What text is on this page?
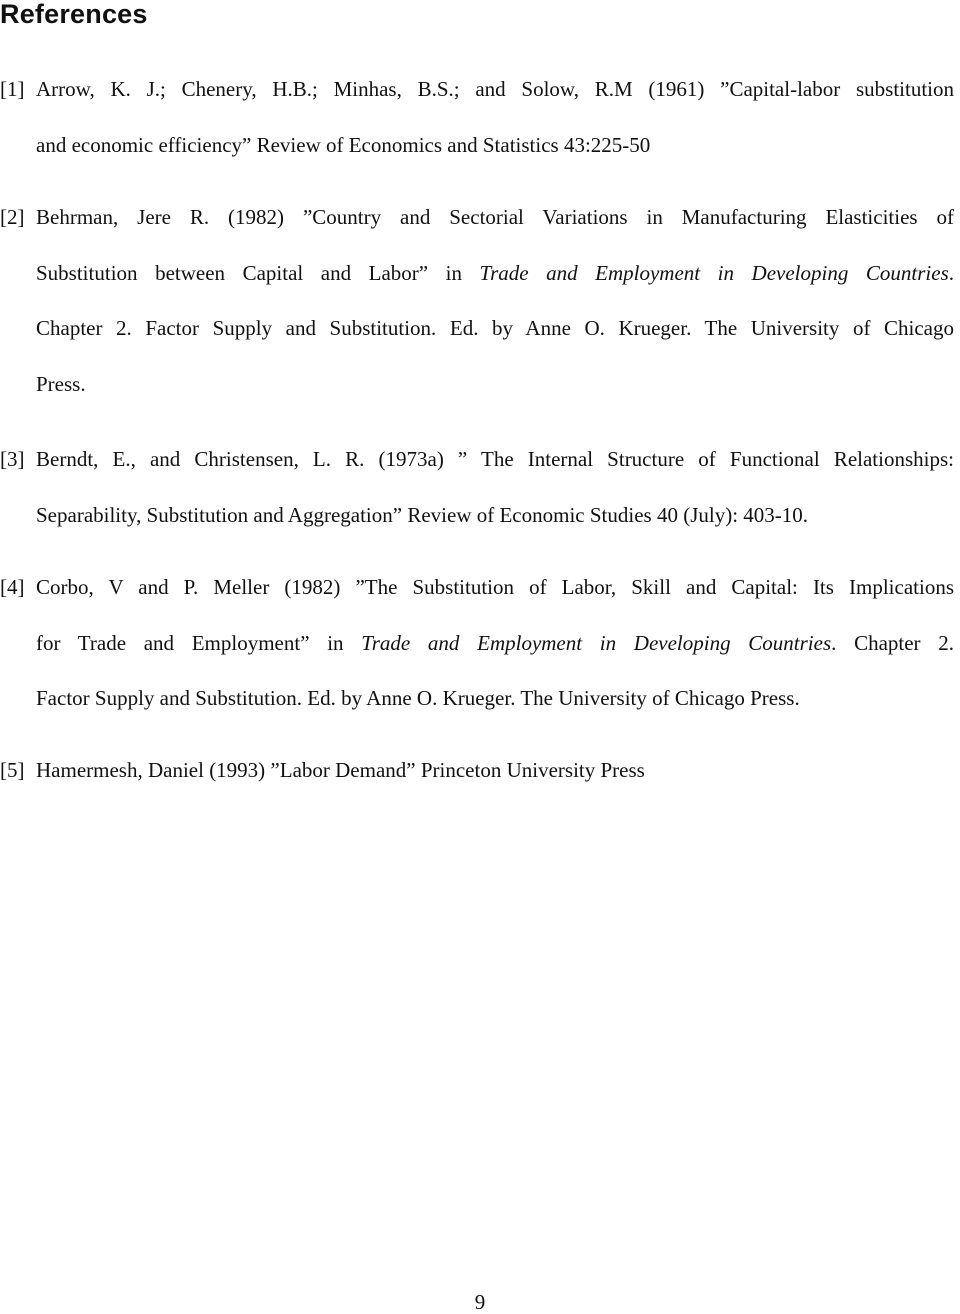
References
[1] Arrow, K. J.; Chenery, H.B.; Minhas, B.S.; and Solow, R.M (1961) ”Capital-labor substitution
and economic efficiency” Review of Economics and Statistics 43:225-50
[2] Behrman, Jere R. (1982) ”Country and Sectorial Variations in Manufacturing Elasticities of
Substitution between Capital and Labor” in Trade and Employment in Developing Countries.
Chapter 2. Factor Supply and Substitution. Ed. by Anne O. Krueger. The University of Chicago
Press.
[3] Berndt, E., and Christensen, L. R. (1973a) ” The Internal Structure of Functional Relationships:
Separability, Substitution and Aggregation” Review of Economic Studies 40 (July): 403-10.
[4] Corbo, V and P. Meller (1982) ”The Substitution of Labor, Skill and Capital: Its Implications
for Trade and Employment” in Trade and Employment in Developing Countries. Chapter 2.
Factor Supply and Substitution. Ed. by Anne O. Krueger. The University of Chicago Press.
[5] Hamermesh, Daniel (1993) ”Labor Demand” Princeton University Press
9
